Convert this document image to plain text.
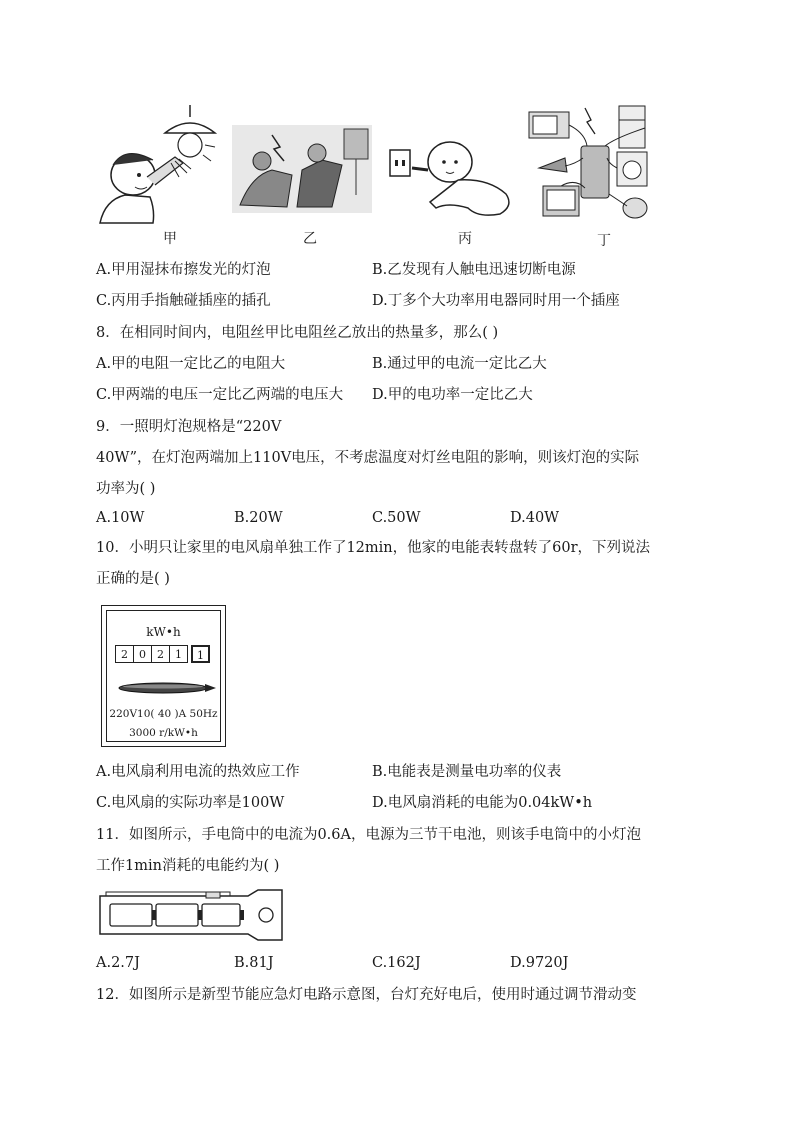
甲	乙	丙	丁
A.甲用湿抹布擦发光的灯泡	B.乙发现有人触电迅速切断电源
C.丙用手指触碰插座的插孔	D.丁多个大功率用电器同时用一个插座
8．在相同时间内，电阻丝甲比电阻丝乙放出的热量多，那么( )
A.甲的电阻一定比乙的电阻大	B.通过甲的电流一定比乙大
C.甲两端的电压一定比乙两端的电压大 D.甲的电功率一定比乙大
9．一照明灯泡规格是“220V
40W”，在灯泡两端加上110V电压，不考虑温度对灯丝电阻的影响，则该灯泡的实际
功率为( )
A.10W	B.20W	C.50W	D.40W
10．小明只让家里的电风扇单独工作了12min，他家的电能表转盘转了60r，下列说法
正确的是( )
kW•h
2	0	2	1	1
220V10( 40 )A 50Hz
3000 r/kW•h
A.电风扇利用电流的热效应工作	B.电能表是测量电功率的仪表
C.电风扇的实际功率是100W	D.电风扇消耗的电能为0.04kW•h
11．如图所示，手电筒中的电流为0.6A，电源为三节干电池，则该手电筒中的小灯泡
工作1min消耗的电能约为( )
A.2.7J	B.81J	C.162J	D.9720J
12．如图所示是新型节能应急灯电路示意图，台灯充好电后，使用时通过调节滑动变
